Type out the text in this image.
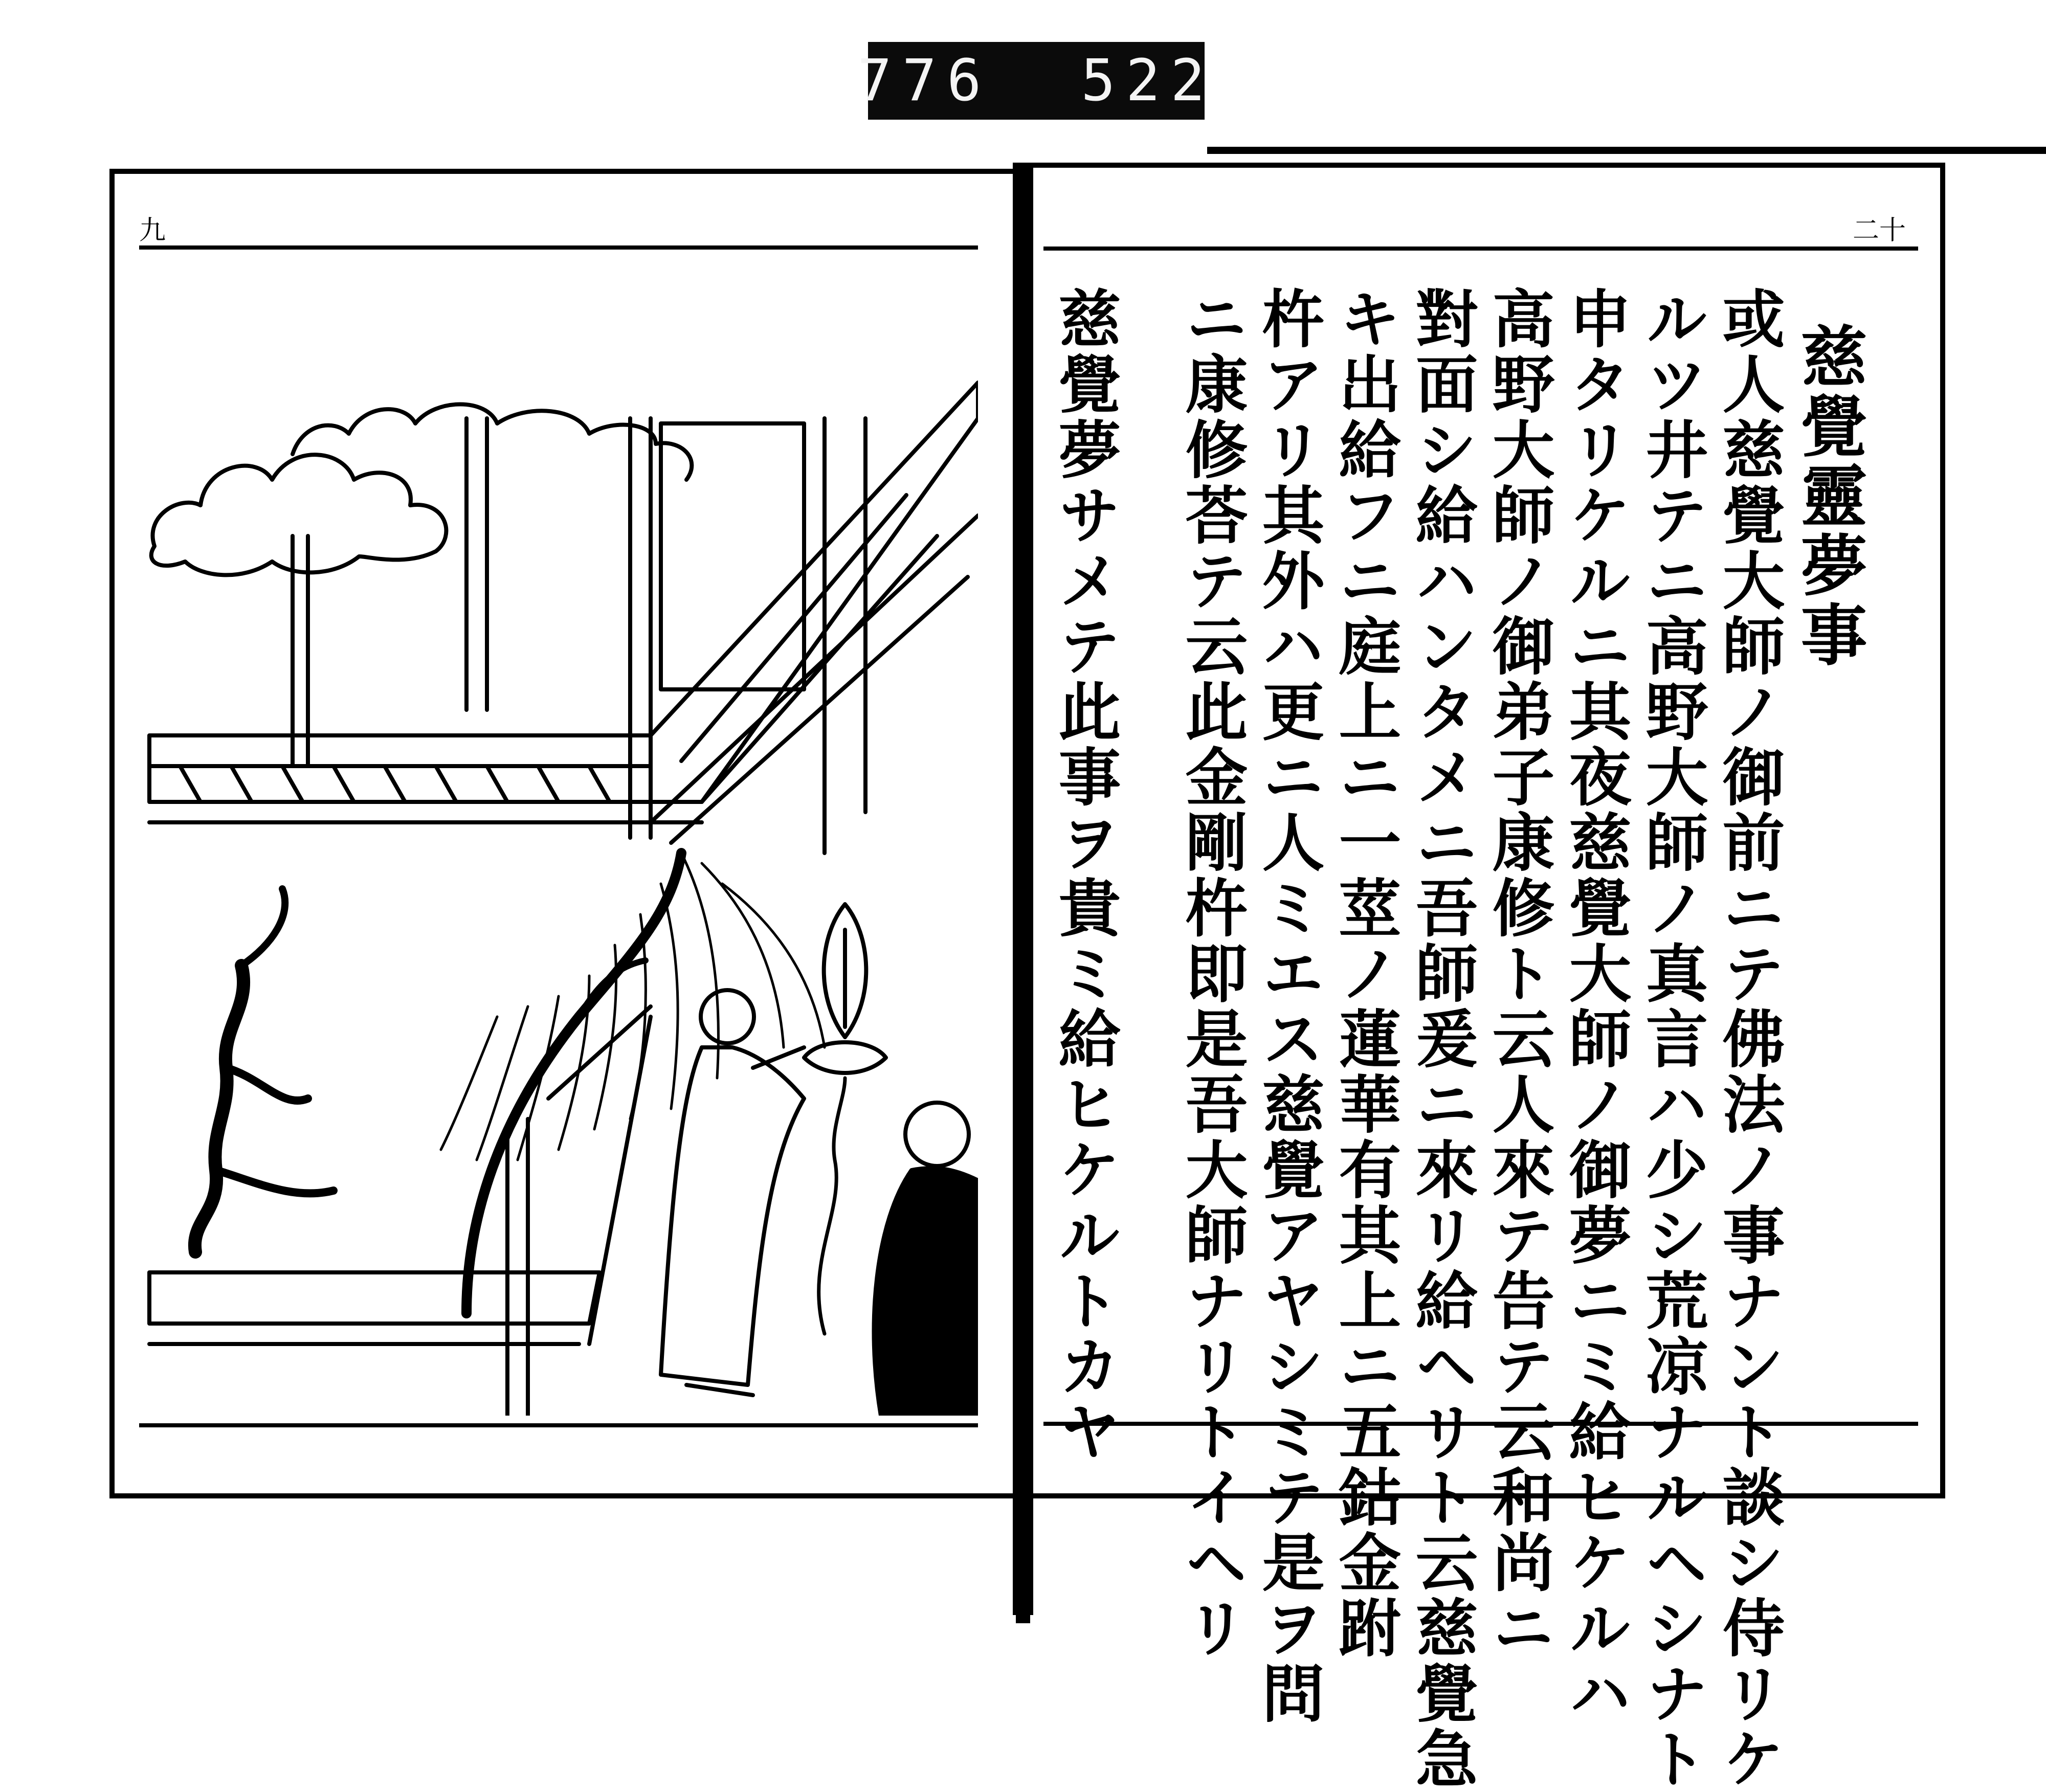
776  522
九	二十
慈覺靈夢事
或人慈覺大師ノ御前ニテ佛法ノ事ナント談シ侍リケ
ルツ井テニ高野大師ノ真言ハ少シ荒凉ナルヘシナト
申タリケルニ其夜慈覺大師ノ御夢ニミ給ヒケルハ
高野大師ノ御弟子康修ト云人來テ告テ云和尚ニ
對面シ給ハンタメニ吾師爰ニ來リ給ヘリト云慈覺急
キ出給フニ庭上ニ一莖ノ蓮華有其上ニ五鈷金跗
杵アリ其外ハ更ニ人ミエス慈覺アヤシミテ是ヲ問
ニ康修荅テ云此金剛杵即是吾大師ナリトイヘリ
慈覺夢サメテ此事ヲ貴ミ給ヒケルトカヤ
